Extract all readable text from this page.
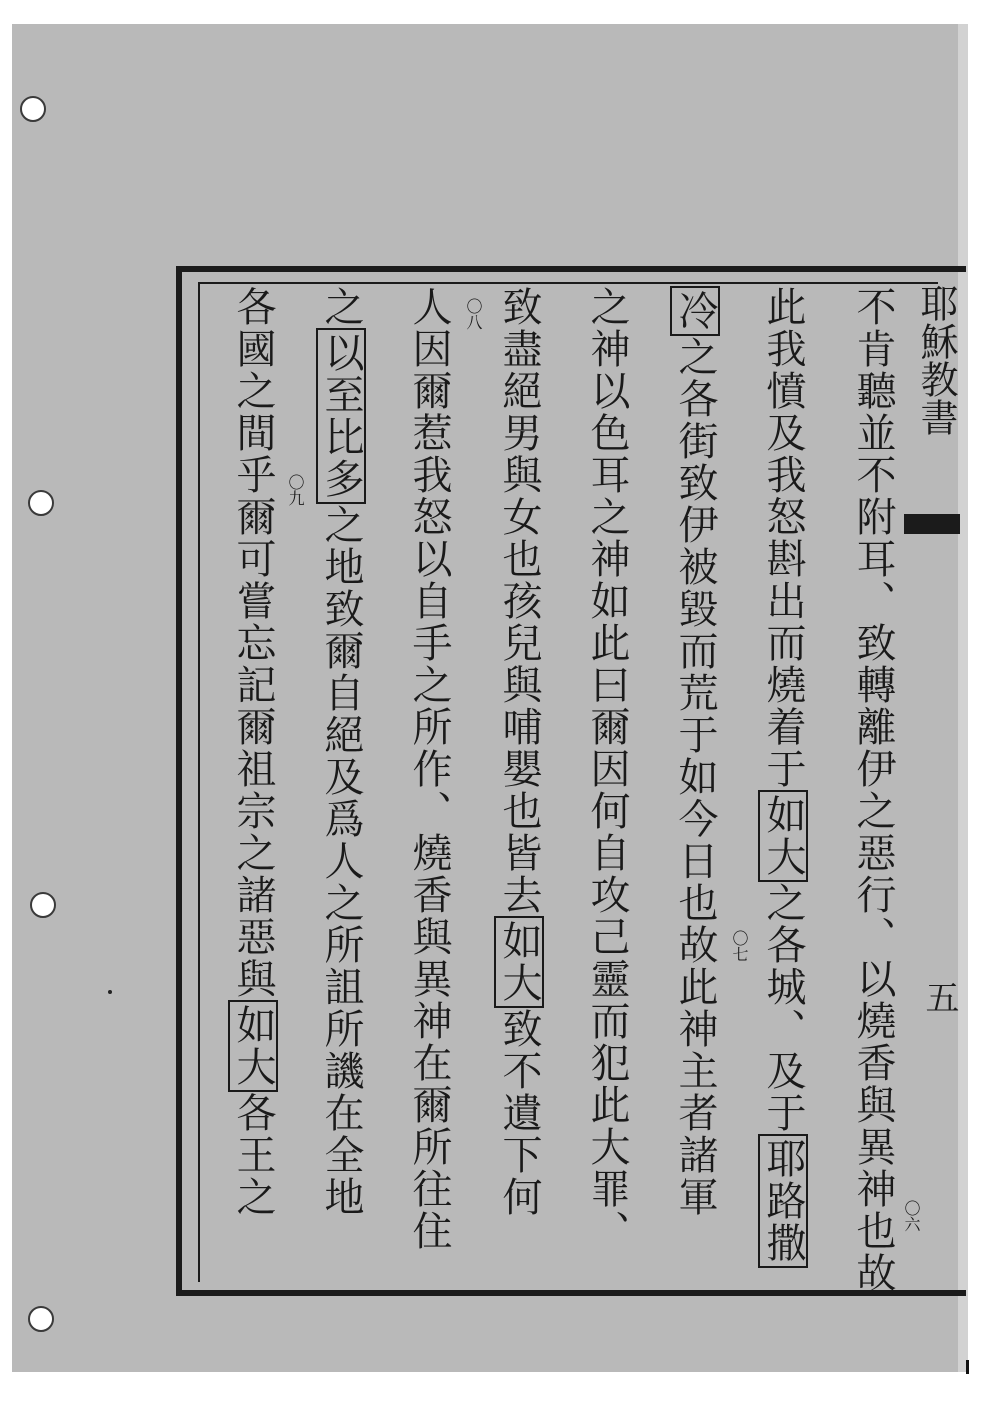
耶穌教書
五
不肯聽並不附耳、致轉離伊之惡行、以燒香與異神也故
此我憤及我怒斟出而燒着于如大之各城、及于耶路撒
冷之各街致伊被毀而荒于如今日也故此神主者諸軍
之神以色耳之神如此曰爾因何自攻己靈而犯此大罪、
致盡絕男與女也孩兒與哺嬰也皆去如大致不遺下何
人因爾惹我怒以自手之所作、燒香與異神在爾所往住
之以至比多之地致爾自絕及爲人之所詛所譏在全地
各國之間乎爾可嘗忘記爾祖宗之諸惡與如大各王之	〇六
〇七
〇八
〇九
